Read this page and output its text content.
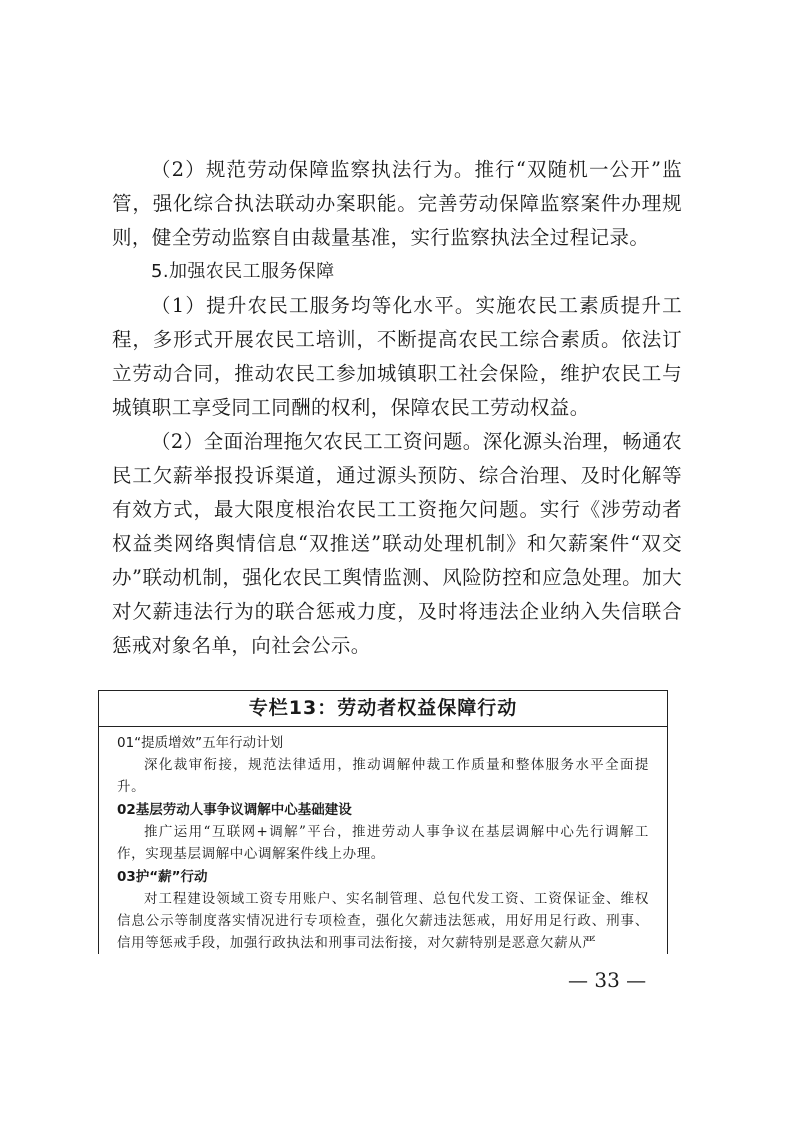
（2）规范劳动保障监察执法行为。推行“双随机一公开”监管，强化综合执法联动办案职能。完善劳动保障监察案件办理规则，健全劳动监察自由裁量基准，实行监察执法全过程记录。

5.加强农民工服务保障

（1）提升农民工服务均等化水平。实施农民工素质提升工程，多形式开展农民工培训，不断提高农民工综合素质。依法订立劳动合同，推动农民工参加城镇职工社会保险，维护农民工与城镇职工享受同工同酬的权利，保障农民工劳动权益。

（2）全面治理拖欠农民工工资问题。深化源头治理，畅通农民工欠薪举报投诉渠道，通过源头预防、综合治理、及时化解等有效方式，最大限度根治农民工工资拖欠问题。实行《涉劳动者权益类网络舆情信息“双推送”联动处理机制》和欠薪案件“双交办”联动机制，强化农民工舆情监测、风险防控和应急处理。加大对欠薪违法行为的联合惩戒力度，及时将违法企业纳入失信联合惩戒对象名单，向社会公示。

专栏13：劳动者权益保障行动

01“提质增效”五年行动计划

深化裁审衔接，规范法律适用，推动调解仲裁工作质量和整体服务水平全面提升。

02基层劳动人事争议调解中心基础建设

推广运用“互联网+调解”平台，推进劳动人事争议在基层调解中心先行调解工作，实现基层调解中心调解案件线上办理。

03护“薪”行动

对工程建设领域工资专用账户、实名制管理、总包代发工资、工资保证金、维权信息公示等制度落实情况进行专项检查，强化欠薪违法惩戒，用好用足行政、刑事、信用等惩戒手段，加强行政执法和刑事司法衔接，对欠薪特别是恶意欠薪从严

— 33 —
